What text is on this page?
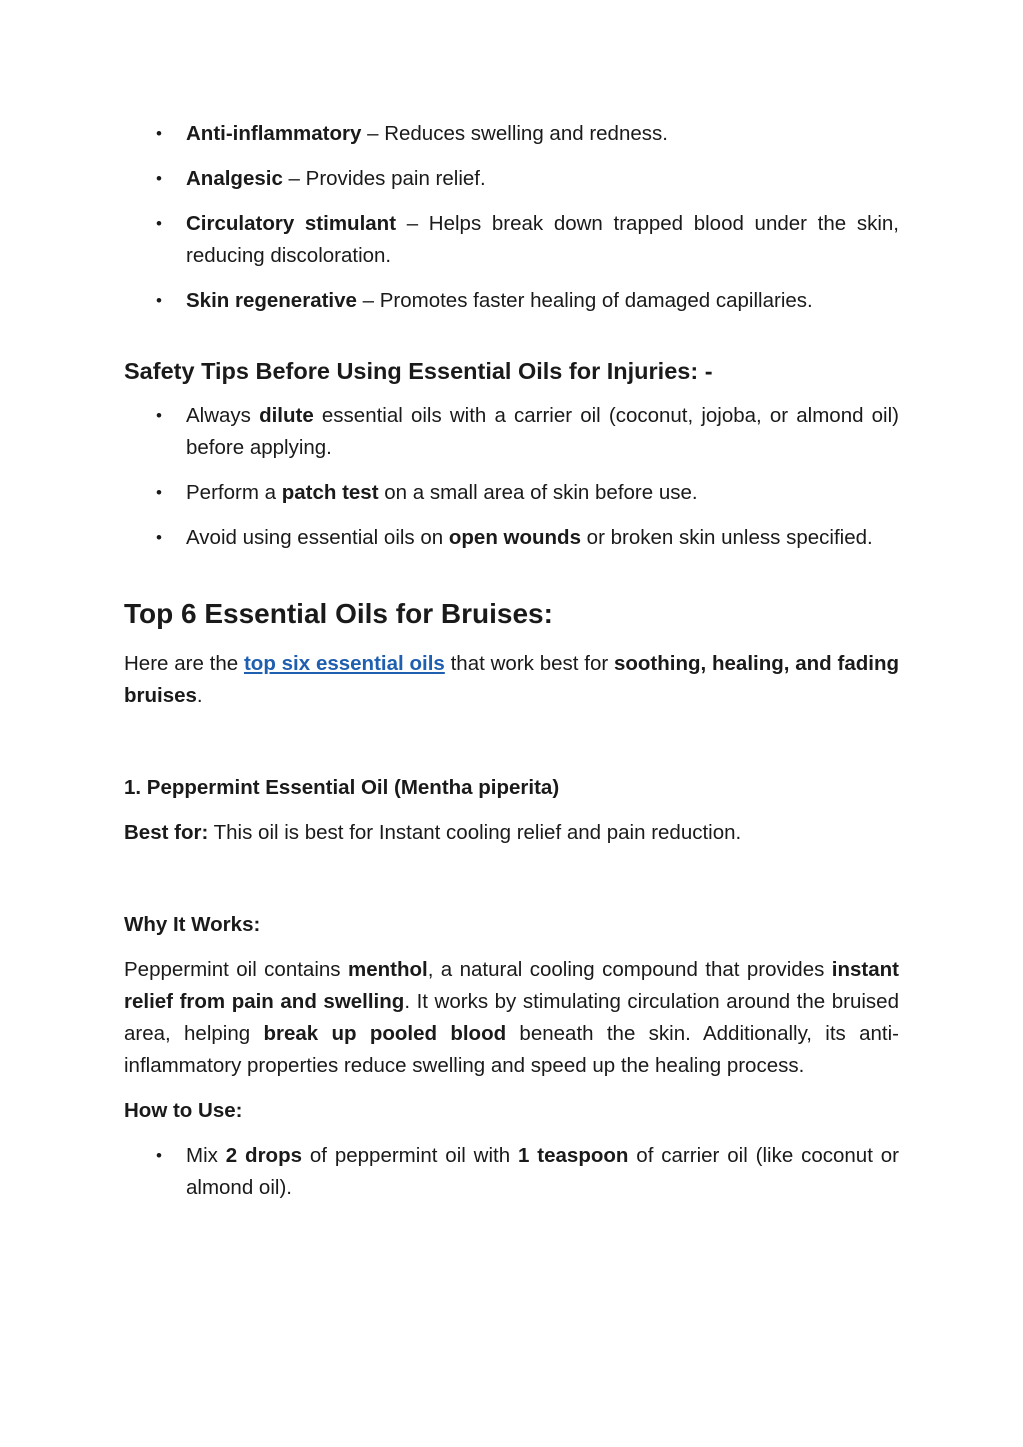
• Anti-inflammatory – Reduces swelling and redness.
• Analgesic – Provides pain relief.
• Circulatory stimulant – Helps break down trapped blood under the skin, reducing discoloration.
• Skin regenerative – Promotes faster healing of damaged capillaries.
Safety Tips Before Using Essential Oils for Injuries: -
• Always dilute essential oils with a carrier oil (coconut, jojoba, or almond oil) before applying.
• Perform a patch test on a small area of skin before use.
• Avoid using essential oils on open wounds or broken skin unless specified.
Top 6 Essential Oils for Bruises:

Here are the top six essential oils that work best for soothing, healing, and fading bruises.

1. Peppermint Essential Oil (Mentha piperita)

Best for: This oil is best for Instant cooling relief and pain reduction.

Why It Works:

Peppermint oil contains menthol, a natural cooling compound that provides instant relief from pain and swelling. It works by stimulating circulation around the bruised area, helping break up pooled blood beneath the skin. Additionally, its anti-inflammatory properties reduce swelling and speed up the healing process.

How to Use:
• Mix 2 drops of peppermint oil with 1 teaspoon of carrier oil (like coconut or almond oil).
